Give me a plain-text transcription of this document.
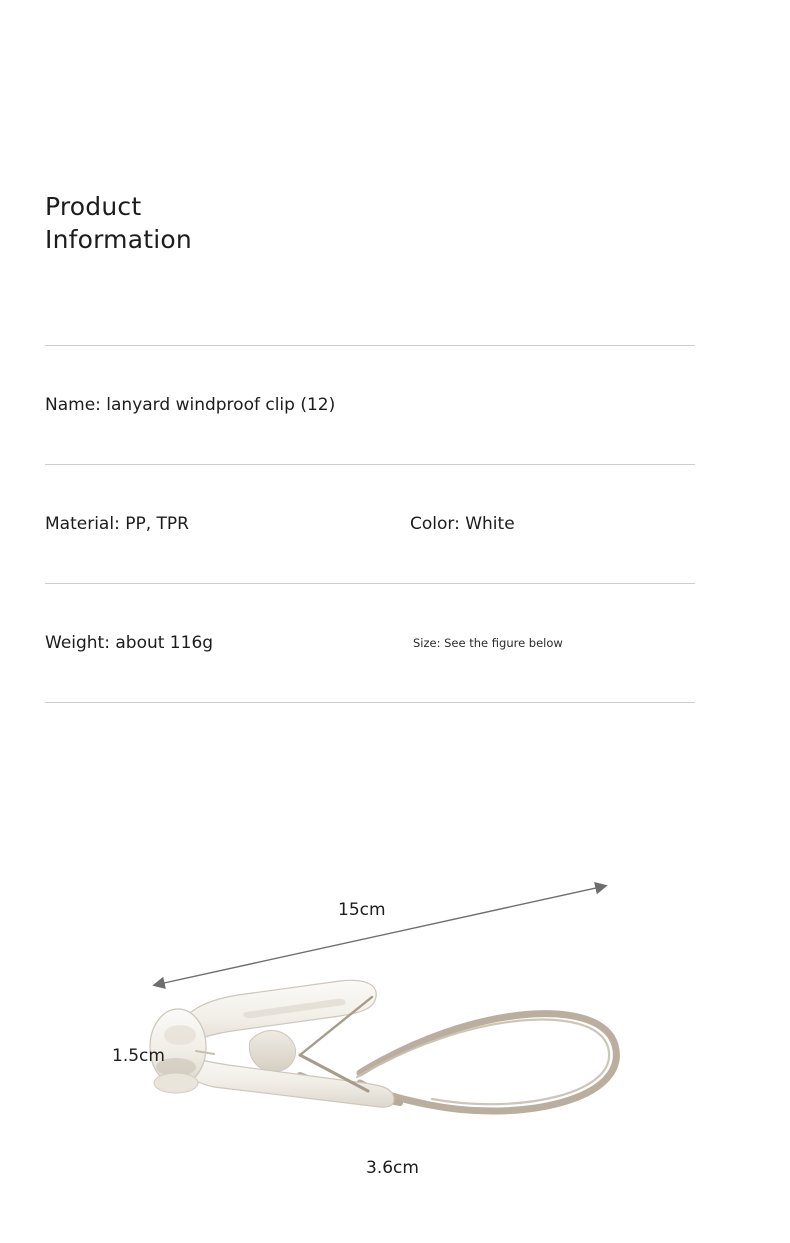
Product
Information
Name: lanyard windproof clip (12)
Material: PP, TPR	Color: White
Weight: about 116g	Size: See the figure below
15cm
1.5cm
3.6cm
